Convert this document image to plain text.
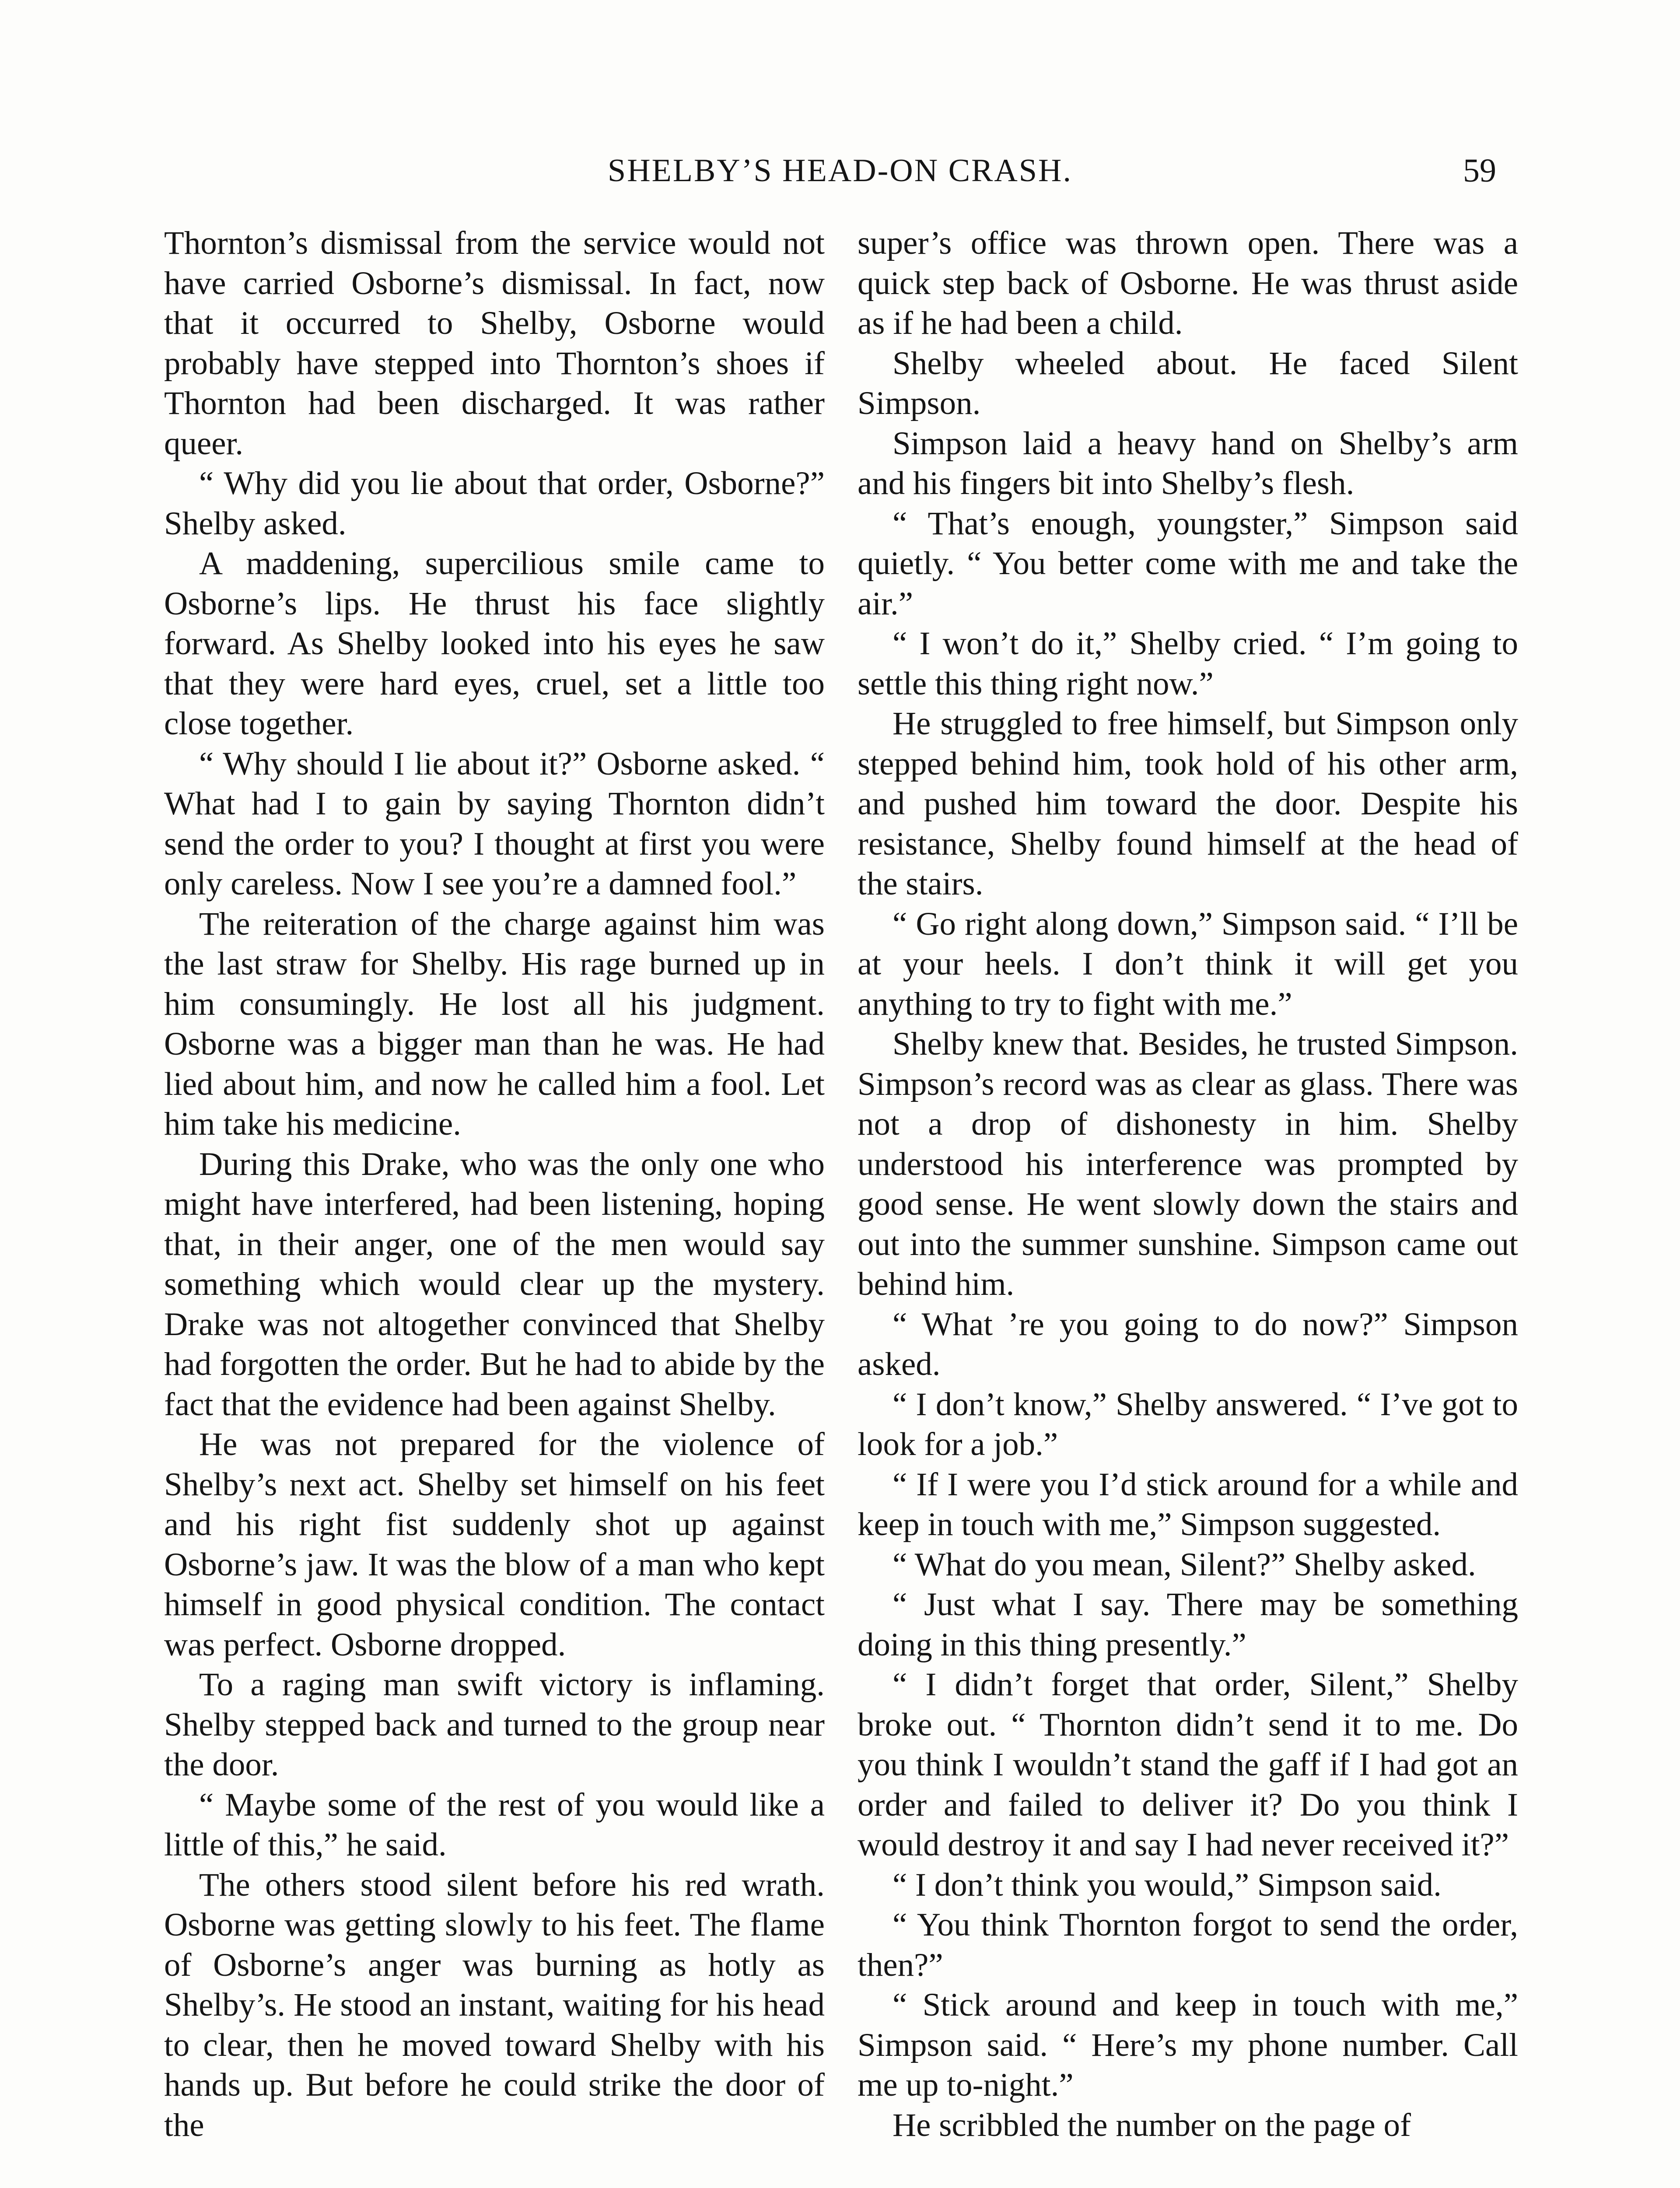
SHELBY’S HEAD-ON CRASH.	59

Thornton’s dismissal from the service would not have carried Osborne’s dismissal. In fact, now that it occurred to Shelby, Osborne would probably have stepped into Thornton’s shoes if Thornton had been discharged. It was rather queer.

“ Why did you lie about that order, Osborne?” Shelby asked.

A maddening, supercilious smile came to Osborne’s lips. He thrust his face slightly forward. As Shelby looked into his eyes he saw that they were hard eyes, cruel, set a little too close together.

“ Why should I lie about it?” Osborne asked. “ What had I to gain by saying Thornton didn’t send the order to you? I thought at first you were only careless. Now I see you’re a damned fool.”

The reiteration of the charge against him was the last straw for Shelby. His rage burned up in him consumingly. He lost all his judgment. Osborne was a bigger man than he was. He had lied about him, and now he called him a fool. Let him take his medicine.

During this Drake, who was the only one who might have interfered, had been listening, hoping that, in their anger, one of the men would say something which would clear up the mystery. Drake was not altogether convinced that Shelby had forgotten the order. But he had to abide by the fact that the evidence had been against Shelby.

He was not prepared for the violence of Shelby’s next act. Shelby set himself on his feet and his right fist suddenly shot up against Osborne’s jaw. It was the blow of a man who kept himself in good physical condition. The contact was perfect. Osborne dropped.

To a raging man swift victory is inflaming. Shelby stepped back and turned to the group near the door.

“ Maybe some of the rest of you would like a little of this,” he said.

The others stood silent before his red wrath. Osborne was getting slowly to his feet. The flame of Osborne’s anger was burning as hotly as Shelby’s. He stood an instant, waiting for his head to clear, then he moved toward Shelby with his hands up. But before he could strike the door of the

super’s office was thrown open. There was a quick step back of Osborne. He was thrust aside as if he had been a child.

Shelby wheeled about. He faced Silent Simpson.

Simpson laid a heavy hand on Shelby’s arm and his fingers bit into Shelby’s flesh.

“ That’s enough, youngster,” Simpson said quietly. “ You better come with me and take the air.”

“ I won’t do it,” Shelby cried. “ I’m going to settle this thing right now.”

He struggled to free himself, but Simpson only stepped behind him, took hold of his other arm, and pushed him toward the door. Despite his resistance, Shelby found himself at the head of the stairs.

“ Go right along down,” Simpson said. “ I’ll be at your heels. I don’t think it will get you anything to try to fight with me.”

Shelby knew that. Besides, he trusted Simpson. Simpson’s record was as clear as glass. There was not a drop of dishonesty in him. Shelby understood his interference was prompted by good sense. He went slowly down the stairs and out into the summer sunshine. Simpson came out behind him.

“ What ’re you going to do now?” Simpson asked.

“ I don’t know,” Shelby answered. “ I’ve got to look for a job.”

“ If I were you I’d stick around for a while and keep in touch with me,” Simpson suggested.

“ What do you mean, Silent?” Shelby asked.

“ Just what I say. There may be something doing in this thing presently.”

“ I didn’t forget that order, Silent,” Shelby broke out. “ Thornton didn’t send it to me. Do you think I wouldn’t stand the gaff if I had got an order and failed to deliver it? Do you think I would destroy it and say I had never received it?”

“ I don’t think you would,” Simpson said.

“ You think Thornton forgot to send the order, then?”

“ Stick around and keep in touch with me,” Simpson said. “ Here’s my phone number. Call me up to-night.”

He scribbled the number on the page of
